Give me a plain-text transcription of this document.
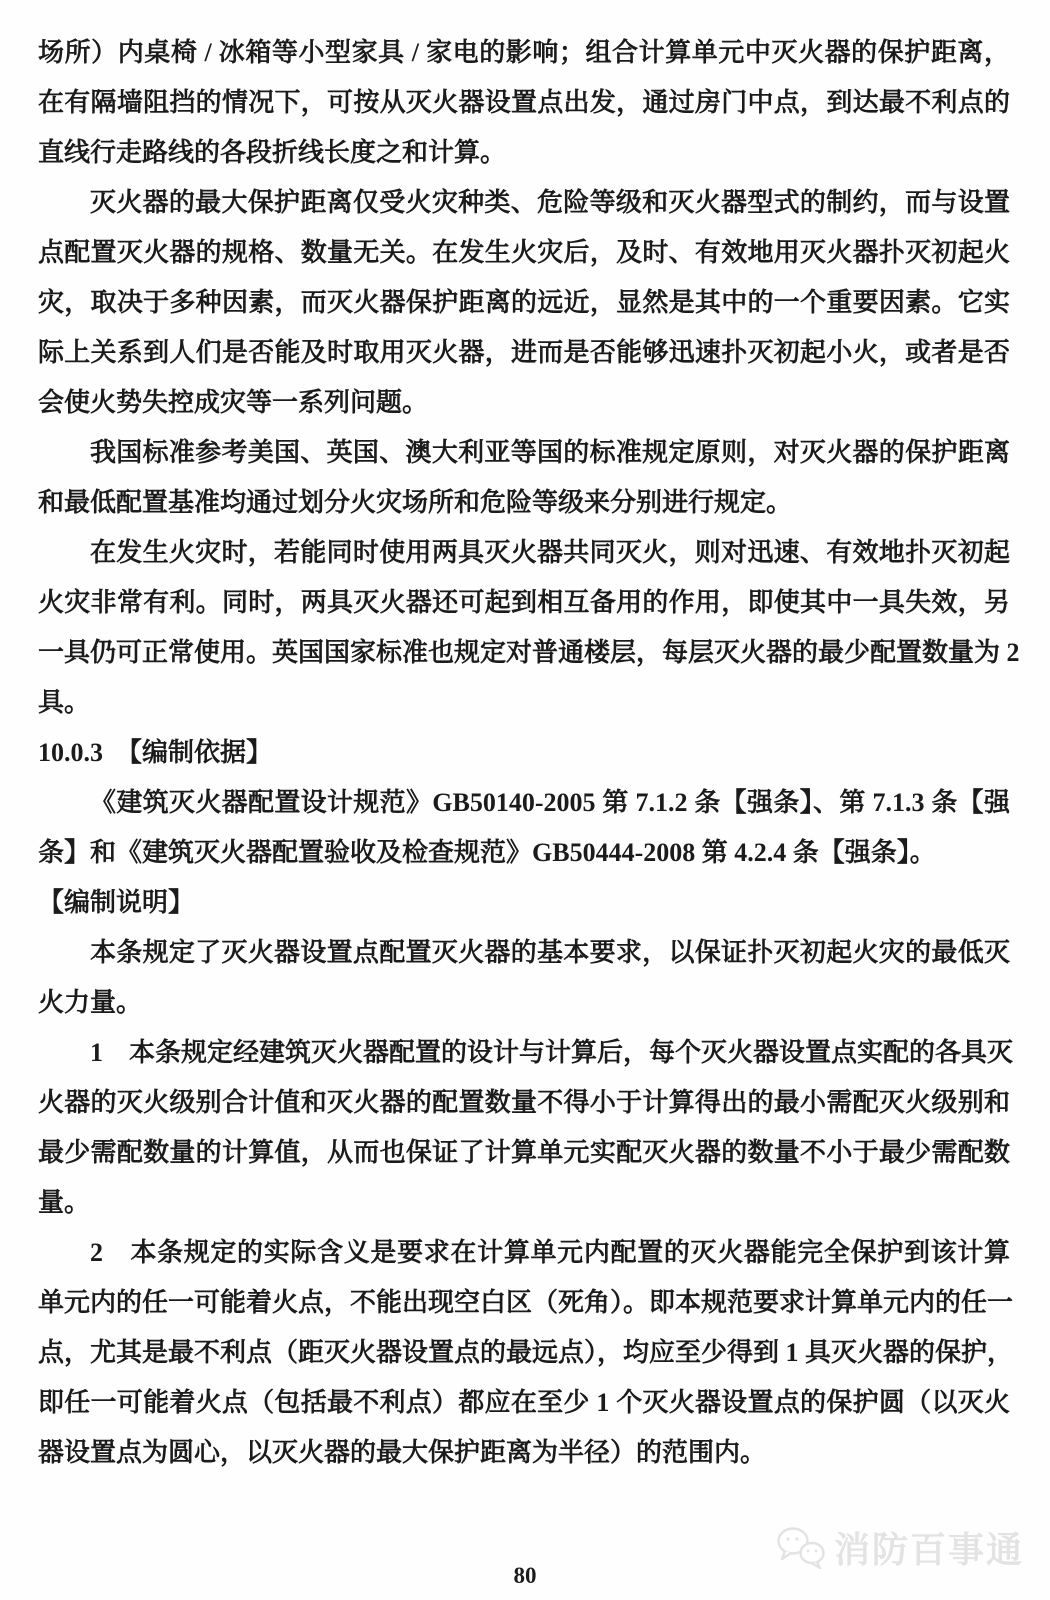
场所）内桌椅 / 冰箱等小型家具 / 家电的影响；组合计算单元中灭火器的保护距离，
在有隔墙阻挡的情况下，可按从灭火器设置点出发，通过房门中点，到达最不利点的
直线行走路线的各段折线长度之和计算。
灭火器的最大保护距离仅受火灾种类、危险等级和灭火器型式的制约，而与设置
点配置灭火器的规格、数量无关。在发生火灾后，及时、有效地用灭火器扑灭初起火
灾，取决于多种因素，而灭火器保护距离的远近，显然是其中的一个重要因素。它实
际上关系到人们是否能及时取用灭火器，进而是否能够迅速扑灭初起小火，或者是否
会使火势失控成灾等一系列问题。
我国标准参考美国、英国、澳大利亚等国的标准规定原则，对灭火器的保护距离
和最低配置基准均通过划分火灾场所和危险等级来分别进行规定。
在发生火灾时，若能同时使用两具灭火器共同灭火，则对迅速、有效地扑灭初起
火灾非常有利。同时，两具灭火器还可起到相互备用的作用，即使其中一具失效，另
一具仍可正常使用。英国国家标准也规定对普通楼层，每层灭火器的最少配置数量为 2
具。
10.0.3　【编制依据】
《建筑灭火器配置设计规范》GB50140-2005 第 7.1.2 条【强条】、第 7.1.3 条【强
条】和《建筑灭火器配置验收及检查规范》GB50444-2008 第 4.2.4 条【强条】。
【编制说明】
本条规定了灭火器设置点配置灭火器的基本要求，以保证扑灭初起火灾的最低灭
火力量。
1　本条规定经建筑灭火器配置的设计与计算后，每个灭火器设置点实配的各具灭
火器的灭火级别合计值和灭火器的配置数量不得小于计算得出的最小需配灭火级别和
最少需配数量的计算值，从而也保证了计算单元实配灭火器的数量不小于最少需配数
量。
2　本条规定的实际含义是要求在计算单元内配置的灭火器能完全保护到该计算
单元内的任一可能着火点，不能出现空白区（死角）。即本规范要求计算单元内的任一
点，尤其是最不利点（距灭火器设置点的最远点），均应至少得到 1 具灭火器的保护，
即任一可能着火点（包括最不利点）都应在至少 1 个灭火器设置点的保护圆（以灭火
器设置点为圆心，以灭火器的最大保护距离为半径）的范围内。
消防百事通
80
